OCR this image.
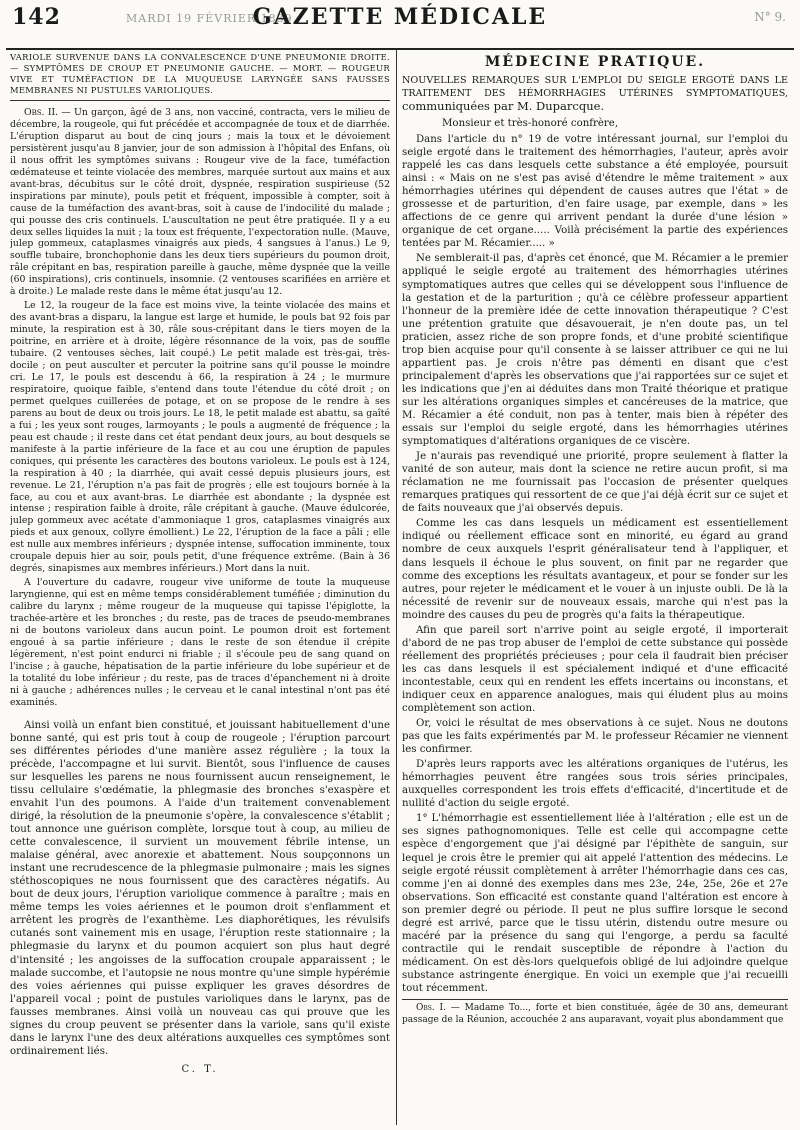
142	MARDI 19 FÉVRIER 1839
GAZETTE MÉDICALE	N° 9.
VARIOLE SURVENUE DANS LA CONVALESCENCE D'UNE PNEUMONIE DROITE. — SYMPTÔMES DE CROUP ET PNEUMONIE GAUCHE. — MORT. — ROUGEUR VIVE ET TUMÉFACTION DE LA MUQUEUSE LARYNGÉE SANS FAUSSES MEMBRANES NI PUSTULES VARIOLIQUES.

Obs. II. — Un garçon, âgé de 3 ans, non vacciné, contracta, vers le milieu de décembre, la rougeole, qui fut précédée et accompagnée de toux et de diarrhée. L'éruption disparut au bout de cinq jours ; mais la toux et le dévoiement persistèrent jusqu'au 8 janvier, jour de son admission à l'hôpital des Enfans, où il nous offrit les symptômes suivans : Rougeur vive de la face, tuméfaction œdémateuse et teinte violacée des membres, marquée surtout aux mains et aux avant-bras, décubitus sur le côté droit, dyspnée, respiration suspirieuse (52 inspirations par minute), pouls petit et fréquent, impossible à compter, soit à cause de la tuméfaction des avant-bras, soit à cause de l'indocilité du malade ; qui pousse des cris continuels. L'auscultation ne peut être pratiquée. Il y a eu deux selles liquides la nuit ; la toux est fréquente, l'expectoration nulle. (Mauve, julep gommeux, cataplasmes vinaigrés aux pieds, 4 sangsues à l'anus.) Le 9, souffle tubaire, bronchophonie dans les deux tiers supérieurs du poumon droit, râle crépitant en bas, respiration pareille à gauche, même dyspnée que la veille (60 inspirations), cris continuels, insomnie. (2 ventouses scarifiées en arrière et à droite.) Le malade reste dans le même état jusqu'au 12.

Le 12, la rougeur de la face est moins vive, la teinte violacée des mains et des avant-bras a disparu, la langue est large et humide, le pouls bat 92 fois par minute, la respiration est à 30, râle sous-crépitant dans le tiers moyen de la poitrine, en arrière et à droite, légère résonnance de la voix, pas de souffle tubaire. (2 ventouses sèches, lait coupé.) Le petit malade est très-gai, très-docile ; on peut ausculter et percuter la poitrine sans qu'il pousse le moindre cri. Le 17, le pouls est descendu à 66, la respiration à 24 ; le murmure respiratoire, quoique faible, s'entend dans toute l'étendue du côté droit ; on permet quelques cuillerées de potage, et on se propose de le rendre à ses parens au bout de deux ou trois jours. Le 18, le petit malade est abattu, sa gaîté a fui ; les yeux sont rouges, larmoyants ; le pouls a augmenté de fréquence ; la peau est chaude ; il reste dans cet état pendant deux jours, au bout desquels se manifeste à la partie inférieure de la face et au cou une éruption de papules coniques, qui présente les caractères des boutons varioleux. Le pouls est à 124, la respiration à 40 ; la diarrhée, qui avait cessé depuis plusieurs jours, est revenue. Le 21, l'éruption n'a pas fait de progrès ; elle est toujours bornée à la face, au cou et aux avant-bras. Le diarrhée est abondante ; la dyspnée est intense ; respiration faible à droite, râle crépitant à gauche. (Mauve édulcorée, julep gommeux avec acétate d'ammoniaque 1 gros, cataplasmes vinaigrés aux pieds et aux genoux, collyre émollient.) Le 22, l'éruption de la face a pâli ; elle est nulle aux membres inférieurs ; dyspnée intense, suffocation imminente, toux croupale depuis hier au soir, pouls petit, d'une fréquence extrême. (Bain à 36 degrés, sinapismes aux membres inférieurs.) Mort dans la nuit.

A l'ouverture du cadavre, rougeur vive uniforme de toute la muqueuse laryngienne, qui est en même temps considérablement tuméfiée ; diminution du calibre du larynx ; même rougeur de la muqueuse qui tapisse l'épiglotte, la trachée-artère et les bronches ; du reste, pas de traces de pseudo-membranes ni de boutons varioleux dans aucun point. Le poumon droit est fortement engoué à sa partie inférieure ; dans le reste de son étendue il crépite légèrement, n'est point endurci ni friable ; il s'écoule peu de sang quand on l'incise ; à gauche, hépatisation de la partie inférieure du lobe supérieur et de la totalité du lobe inférieur ; du reste, pas de traces d'épanchement ni à droite ni à gauche ; adhérences nulles ; le cerveau et le canal intestinal n'ont pas été examinés.

Ainsi voilà un enfant bien constitué, et jouissant habituellement d'une bonne santé, qui est pris tout à coup de rougeole ; l'éruption parcourt ses différentes périodes d'une manière assez régulière ; la toux la précède, l'accompagne et lui survit. Bientôt, sous l'influence de causes sur lesquelles les parens ne nous fournissent aucun renseignement, le tissu cellulaire s'œdématie, la phlegmasie des bronches s'exaspère et envahit l'un des poumons. A l'aide d'un traitement convenablement dirigé, la résolution de la pneumonie s'opère, la convalescence s'établit ; tout annonce une guérison complète, lorsque tout à coup, au milieu de cette convalescence, il survient un mouvement fébrile intense, un malaise général, avec anorexie et abattement. Nous soupçonnons un instant une recrudescence de la phlegmasie pulmonaire ; mais les signes stéthoscopiques ne nous fournissent que des caractères négatifs. Au bout de deux jours, l'éruption variolique commence à paraître ; mais en même temps les voies aériennes et le poumon droit s'enflamment et arrêtent les progrès de l'exanthème. Les diaphorétiques, les révulsifs cutanés sont vainement mis en usage, l'éruption reste stationnaire ; la phlegmasie du larynx et du poumon acquiert son plus haut degré d'intensité ; les angoisses de la suffocation croupale apparaissent ; le malade succombe, et l'autopsie ne nous montre qu'une simple hypérémie des voies aériennes qui puisse expliquer les graves désordres de l'appareil vocal ; point de pustules varioliques dans le larynx, pas de fausses membranes. Ainsi voilà un nouveau cas qui prouve que les signes du croup peuvent se présenter dans la variole, sans qu'il existe dans le larynx l'une des deux altérations auxquelles ces symptômes sont ordinairement liés.

C. T.
MÉDECINE PRATIQUE.
NOUVELLES REMARQUES SUR L'EMPLOI DU SEIGLE ERGOTÉ DANS LE TRAITEMENT DES HÉMORRHAGIES UTÉRINES SYMPTOMATIQUES, communiquées par M. Duparcque.
Monsieur et très-honoré confrère,

Dans l'article du n° 19 de votre intéressant journal, sur l'emploi du seigle ergoté dans le traitement des hémorrhagies, l'auteur, après avoir rappelé les cas dans lesquels cette substance a été employée, poursuit ainsi : « Mais on ne s'est pas avisé d'étendre le même traitement » aux hémorrhagies utérines qui dépendent de causes autres que l'état » de grossesse et de parturition, d'en faire usage, par exemple, dans » les affections de ce genre qui arrivent pendant la durée d'une lésion » organique de cet organe..... Voilà précisément la partie des expériences tentées par M. Récamier..... »

Ne semblerait-il pas, d'après cet énoncé, que M. Récamier a le premier appliqué le seigle ergoté au traitement des hémorrhagies utérines symptomatiques autres que celles qui se développent sous l'influence de la gestation et de la parturition ; qu'à ce célèbre professeur appartient l'honneur de la première idée de cette innovation thérapeutique ? C'est une prétention gratuite que désavouerait, je n'en doute pas, un tel praticien, assez riche de son propre fonds, et d'une probité scientifique trop bien acquise pour qu'il consente à se laisser attribuer ce qui ne lui appartient pas. Je crois n'être pas démenti en disant que c'est principalement d'après les observations que j'ai rapportées sur ce sujet et les indications que j'en ai déduites dans mon Traité théorique et pratique sur les altérations organiques simples et cancéreuses de la matrice, que M. Récamier a été conduit, non pas à tenter, mais bien à répéter des essais sur l'emploi du seigle ergoté, dans les hémorrhagies utérines symptomatiques d'altérations organiques de ce viscère.

Je n'aurais pas revendiqué une priorité, propre seulement à flatter la vanité de son auteur, mais dont la science ne retire aucun profit, si ma réclamation ne me fournissait pas l'occasion de présenter quelques remarques pratiques qui ressortent de ce que j'ai déjà écrit sur ce sujet et de faits nouveaux que j'ai observés depuis.

Comme les cas dans lesquels un médicament est essentiellement indiqué ou réellement efficace sont en minorité, eu égard au grand nombre de ceux auxquels l'esprit généralisateur tend à l'appliquer, et dans lesquels il échoue le plus souvent, on finit par ne regarder que comme des exceptions les résultats avantageux, et pour se fonder sur les autres, pour rejeter le médicament et le vouer à un injuste oubli. De là la nécessité de revenir sur de nouveaux essais, marche qui n'est pas la moindre des causes du peu de progrès qu'a faits la thérapeutique.

Afin que pareil sort n'arrive point au seigle ergoté, il importerait d'abord de ne pas trop abuser de l'emploi de cette substance qui possède réellement des propriétés précieuses ; pour cela il faudrait bien préciser les cas dans lesquels il est spécialement indiqué et d'une efficacité incontestable, ceux qui en rendent les effets incertains ou inconstans, et indiquer ceux en apparence analogues, mais qui éludent plus au moins complètement son action.

Or, voici le résultat de mes observations à ce sujet. Nous ne doutons pas que les faits expérimentés par M. le professeur Récamier ne viennent les confirmer.

D'après leurs rapports avec les altérations organiques de l'utérus, les hémorrhagies peuvent être rangées sous trois séries principales, auxquelles correspondent les trois effets d'efficacité, d'incertitude et de nullité d'action du seigle ergoté.

1° L'hémorrhagie est essentiellement liée à l'altération ; elle est un de ses signes pathognomoniques. Telle est celle qui accompagne cette espèce d'engorgement que j'ai désigné par l'épithète de sanguin, sur lequel je crois être le premier qui ait appelé l'attention des médecins. Le seigle ergoté réussit complètement à arrêter l'hémorrhagie dans ces cas, comme j'en ai donné des exemples dans mes 23e, 24e, 25e, 26e et 27e observations. Son efficacité est constante quand l'altération est encore à son premier degré ou période. Il peut ne plus suffire lorsque le second degré est arrivé, parce que le tissu utérin, distendu outre mesure ou macéré par la présence du sang qui l'engorge, a perdu sa faculté contractile qui le rendait susceptible de répondre à l'action du médicament. On est dès-lors quelquefois obligé de lui adjoindre quelque substance astringente énergique. En voici un exemple que j'ai recueilli tout récemment.

Obs. I. — Madame To..., forte et bien constituée, âgée de 30 ans, demeurant passage de la Réunion, accouchée 2 ans auparavant, voyait plus abondamment que
